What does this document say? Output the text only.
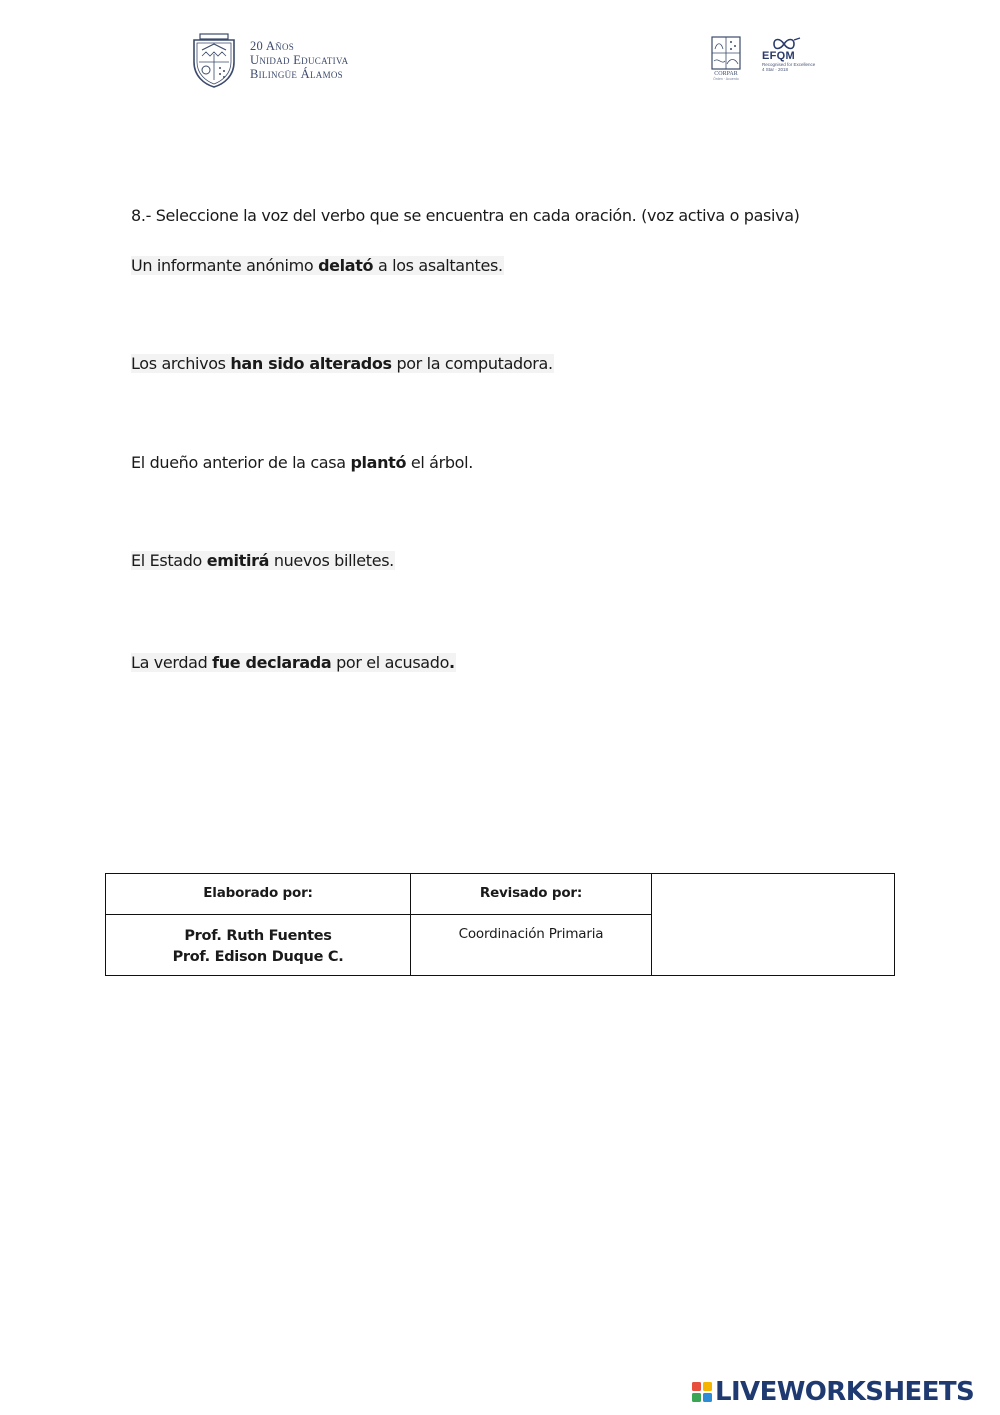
20 Años
Unidad Educativa
Bilingüe Álamos	CORPAR
Órden · Acuerdo
EFQM
Recognised for Excellence
4 Star · 2018
8.- Seleccione la voz del verbo que se encuentra en cada oración. (voz activa o pasiva)
Un informante anónimo delató a los asaltantes.
Los archivos han sido alterados por la computadora.
El dueño anterior de la casa plantó el árbol.
El Estado emitirá nuevos billetes.
La verdad fue declarada por el acusado.
Elaborado por:	Revisado por:	

Prof. Ruth Fuentes
Prof. Edison Duque C.	Coordinación Primaria	
LIVEWORKSHEETS
